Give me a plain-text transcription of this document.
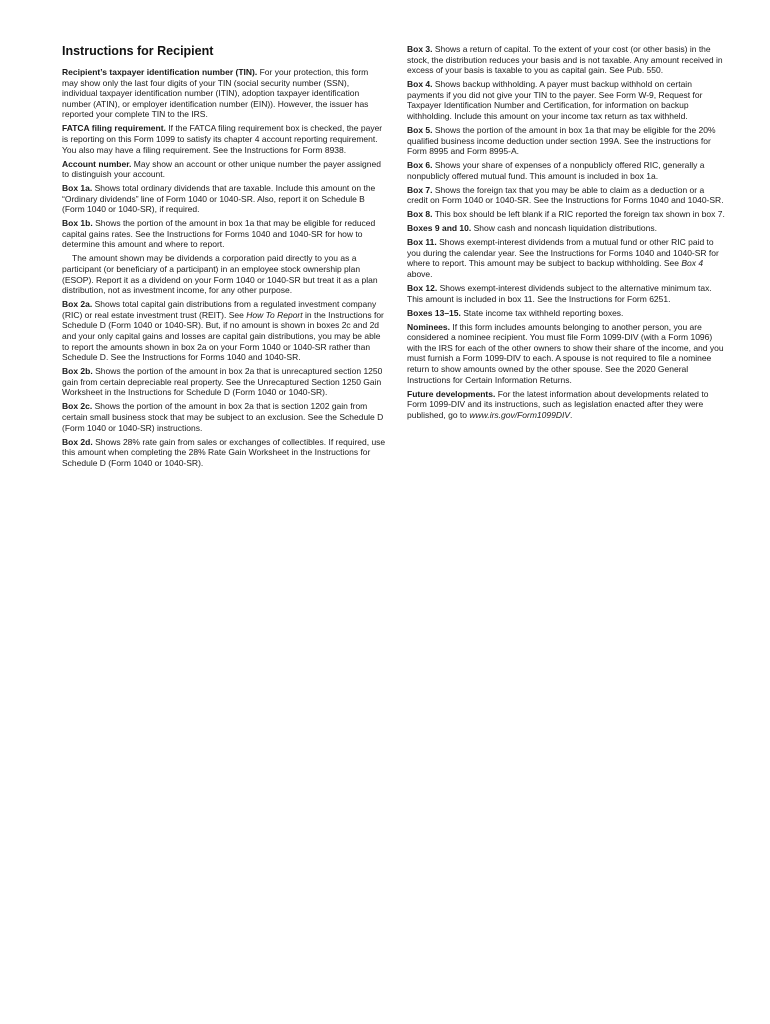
Instructions for Recipient

Recipient’s taxpayer identification number (TIN). For your protection, this form may show only the last four digits of your TIN (social security number (SSN), individual taxpayer identification number (ITIN), adoption taxpayer identification number (ATIN), or employer identification number (EIN)). However, the issuer has reported your complete TIN to the IRS.

FATCA filing requirement. If the FATCA filing requirement box is checked, the payer is reporting on this Form 1099 to satisfy its chapter 4 account reporting requirement. You also may have a filing requirement. See the Instructions for Form 8938.

Account number. May show an account or other unique number the payer assigned to distinguish your account.

Box 1a. Shows total ordinary dividends that are taxable. Include this amount on the “Ordinary dividends” line of Form 1040 or 1040-SR. Also, report it on Schedule B (Form 1040 or 1040-SR), if required.

Box 1b. Shows the portion of the amount in box 1a that may be eligible for reduced capital gains rates. See the Instructions for Forms 1040 and 1040-SR for how to determine this amount and where to report.

The amount shown may be dividends a corporation paid directly to you as a participant (or beneficiary of a participant) in an employee stock ownership plan (ESOP). Report it as a dividend on your Form 1040 or 1040-SR but treat it as a plan distribution, not as investment income, for any other purpose.

Box 2a. Shows total capital gain distributions from a regulated investment company (RIC) or real estate investment trust (REIT). See How To Report in the Instructions for Schedule D (Form 1040 or 1040-SR). But, if no amount is shown in boxes 2c and 2d and your only capital gains and losses are capital gain distributions, you may be able to report the amounts shown in box 2a on your Form 1040 or 1040-SR rather than Schedule D. See the Instructions for Forms 1040 and 1040-SR.

Box 2b. Shows the portion of the amount in box 2a that is unrecaptured section 1250 gain from certain depreciable real property. See the Unrecaptured Section 1250 Gain Worksheet in the Instructions for Schedule D (Form 1040 or 1040-SR).

Box 2c. Shows the portion of the amount in box 2a that is section 1202 gain from certain small business stock that may be subject to an exclusion. See the Schedule D (Form 1040 or 1040-SR) instructions.

Box 2d. Shows 28% rate gain from sales or exchanges of collectibles. If required, use this amount when completing the 28% Rate Gain Worksheet in the Instructions for Schedule D (Form 1040 or 1040-SR).

Box 3. Shows a return of capital. To the extent of your cost (or other basis) in the stock, the distribution reduces your basis and is not taxable. Any amount received in excess of your basis is taxable to you as capital gain. See Pub. 550.

Box 4. Shows backup withholding. A payer must backup withhold on certain payments if you did not give your TIN to the payer. See Form W-9, Request for Taxpayer Identification Number and Certification, for information on backup withholding. Include this amount on your income tax return as tax withheld.

Box 5. Shows the portion of the amount in box 1a that may be eligible for the 20% qualified business income deduction under section 199A. See the instructions for Form 8995 and Form 8995-A.

Box 6. Shows your share of expenses of a nonpublicly offered RIC, generally a nonpublicly offered mutual fund. This amount is included in box 1a.

Box 7. Shows the foreign tax that you may be able to claim as a deduction or a credit on Form 1040 or 1040-SR. See the Instructions for Forms 1040 and 1040-SR.

Box 8. This box should be left blank if a RIC reported the foreign tax shown in box 7.

Boxes 9 and 10. Show cash and noncash liquidation distributions.

Box 11. Shows exempt-interest dividends from a mutual fund or other RIC paid to you during the calendar year. See the Instructions for Forms 1040 and 1040-SR for where to report. This amount may be subject to backup withholding. See Box 4 above.

Box 12. Shows exempt-interest dividends subject to the alternative minimum tax. This amount is included in box 11. See the Instructions for Form 6251.

Boxes 13–15. State income tax withheld reporting boxes.

Nominees. If this form includes amounts belonging to another person, you are considered a nominee recipient. You must file Form 1099-DIV (with a Form 1096) with the IRS for each of the other owners to show their share of the income, and you must furnish a Form 1099-DIV to each. A spouse is not required to file a nominee return to show amounts owned by the other spouse. See the 2020 General Instructions for Certain Information Returns.

Future developments. For the latest information about developments related to Form 1099-DIV and its instructions, such as legislation enacted after they were published, go to www.irs.gov/Form1099DIV.
